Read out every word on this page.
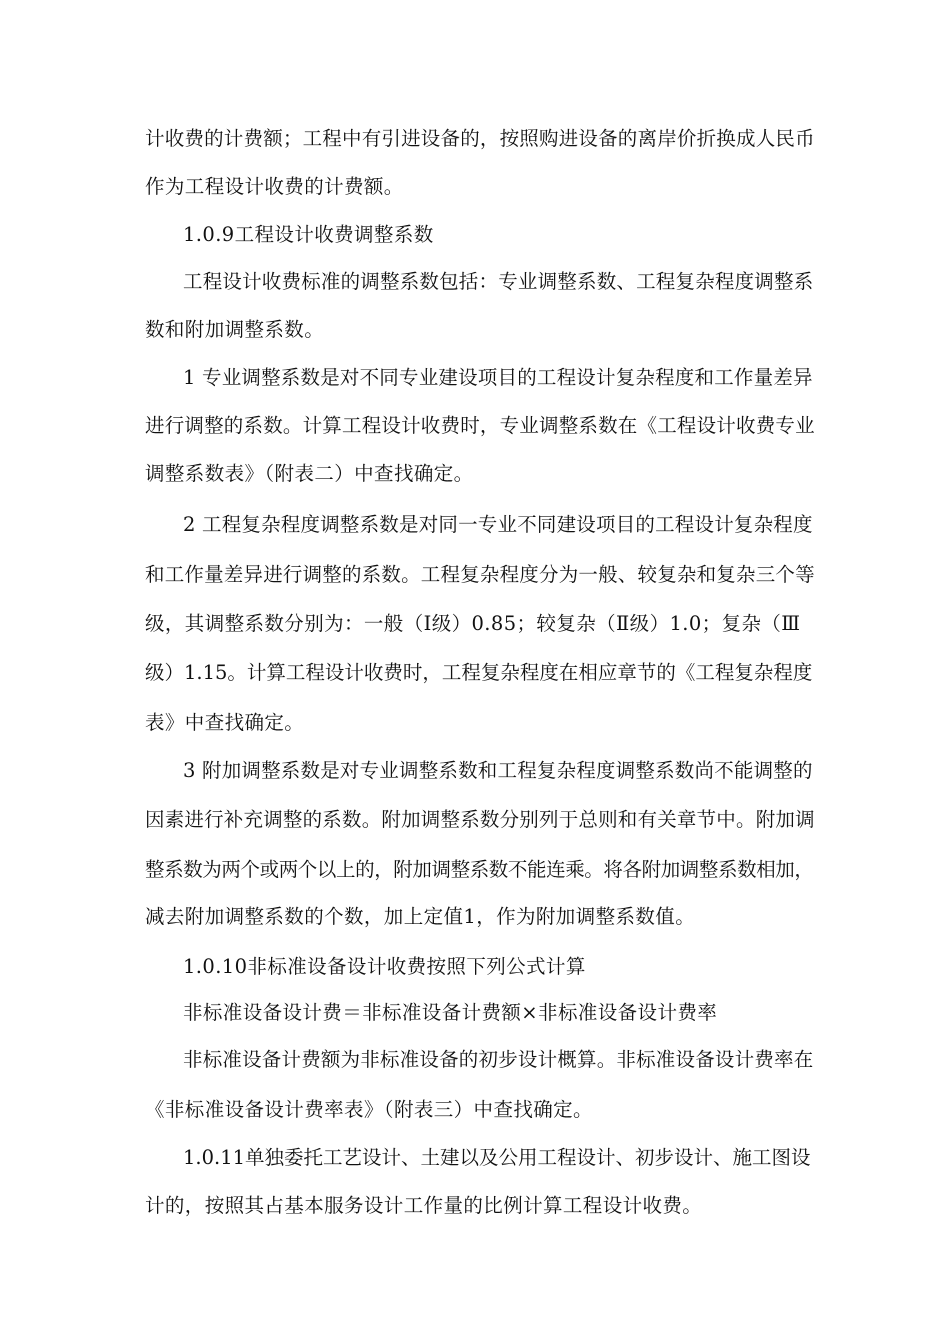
计收费的计费额；工程中有引进设备的，按照购进设备的离岸价折换成人民币
作为工程设计收费的计费额。
1.0.9工程设计收费调整系数
工程设计收费标准的调整系数包括：专业调整系数、工程复杂程度调整系
数和附加调整系数。
1 专业调整系数是对不同专业建设项目的工程设计复杂程度和工作量差异
进行调整的系数。计算工程设计收费时，专业调整系数在《工程设计收费专业
调整系数表》（附表二）中查找确定。
2 工程复杂程度调整系数是对同一专业不同建设项目的工程设计复杂程度
和工作量差异进行调整的系数。工程复杂程度分为一般、较复杂和复杂三个等
级，其调整系数分别为：一般（Ⅰ级）0.85；较复杂（Ⅱ级）1.0；复杂（Ⅲ
级）1.15。计算工程设计收费时，工程复杂程度在相应章节的《工程复杂程度
表》中查找确定。
3 附加调整系数是对专业调整系数和工程复杂程度调整系数尚不能调整的
因素进行补充调整的系数。附加调整系数分别列于总则和有关章节中。附加调
整系数为两个或两个以上的，附加调整系数不能连乘。将各附加调整系数相加，
减去附加调整系数的个数，加上定值1，作为附加调整系数值。
1.0.10非标准设备设计收费按照下列公式计算
非标准设备设计费＝非标准设备计费额×非标准设备设计费率
非标准设备计费额为非标准设备的初步设计概算。非标准设备设计费率在
《非标准设备设计费率表》（附表三）中查找确定。
1.0.11单独委托工艺设计、土建以及公用工程设计、初步设计、施工图设
计的，按照其占基本服务设计工作量的比例计算工程设计收费。
